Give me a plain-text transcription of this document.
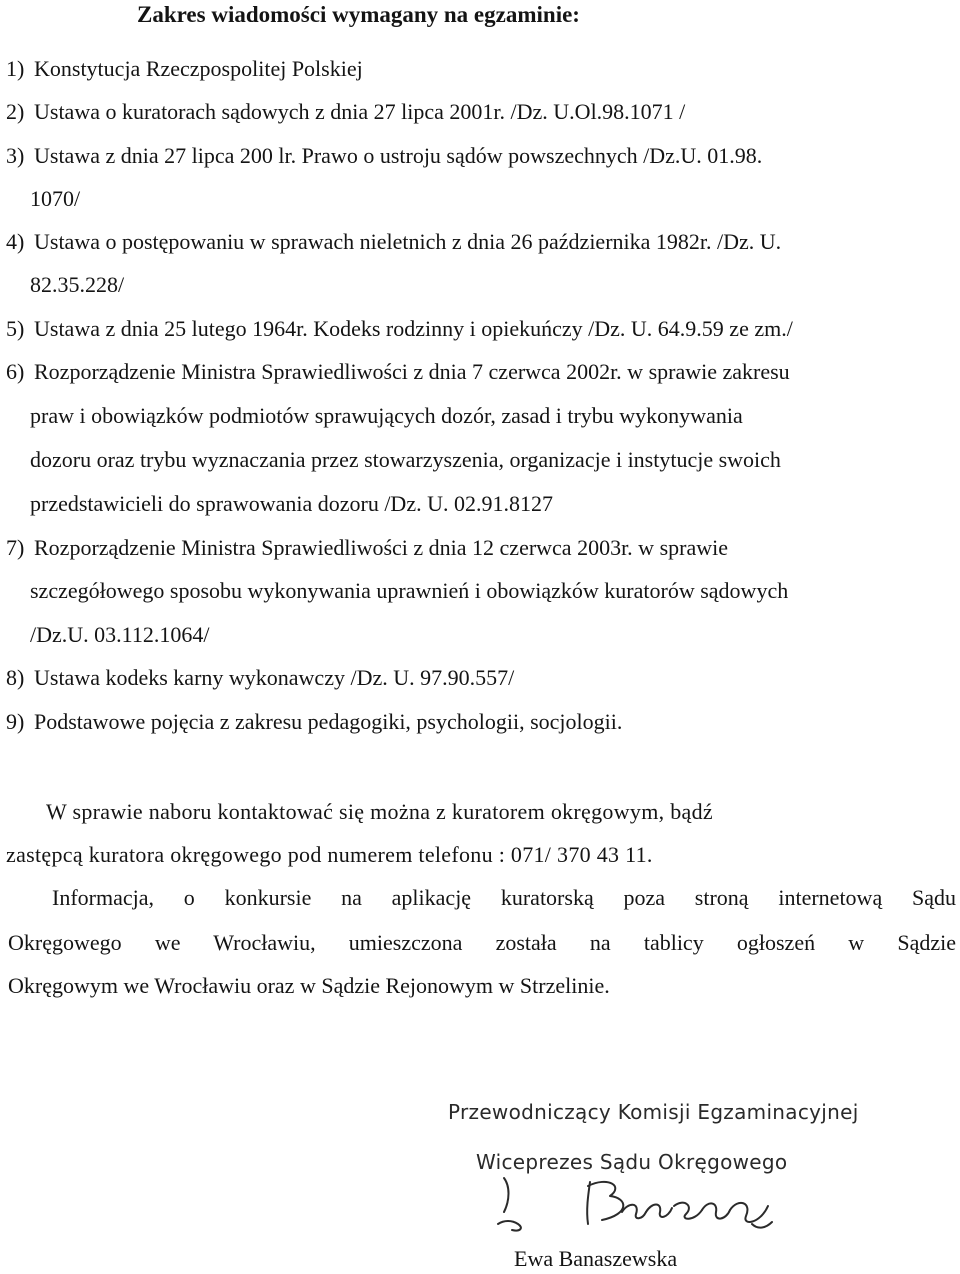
Zakres wiadomości wymagany na egzaminie:
1) Konstytucja Rzeczpospolitej Polskiej
2) Ustawa o kuratorach sądowych z dnia 27 lipca 2001r. /Dz. U.Ol.98.1071 /
3) Ustawa z dnia 27 lipca 200 lr. Prawo o ustroju sądów powszechnych /Dz.U. 01.98.
1070/
4) Ustawa o postępowaniu w sprawach nieletnich z dnia 26 października 1982r. /Dz. U.
82.35.228/
5) Ustawa z dnia 25 lutego 1964r. Kodeks rodzinny i opiekuńczy /Dz. U. 64.9.59 ze zm./
6) Rozporządzenie Ministra Sprawiedliwości z dnia 7 czerwca 2002r. w sprawie zakresu
praw i obowiązków podmiotów sprawujących dozór, zasad i trybu wykonywania
dozoru oraz trybu wyznaczania przez stowarzyszenia, organizacje i instytucje swoich
przedstawicieli do sprawowania dozoru /Dz. U. 02.91.8127
7) Rozporządzenie Ministra Sprawiedliwości z dnia 12 czerwca 2003r. w sprawie
szczegółowego sposobu wykonywania uprawnień i obowiązków kuratorów sądowych
/Dz.U. 03.112.1064/
8) Ustawa kodeks karny wykonawczy /Dz. U. 97.90.557/
9) Podstawowe pojęcia z zakresu pedagogiki, psychologii, socjologii.
W sprawie naboru kontaktować się można z kuratorem okręgowym, bądź
zastępcą kuratora okręgowego pod numerem telefonu : 071/ 370 43 11.
Informacja, o konkursie na aplikację kuratorską poza stroną internetową Sądu
Okręgowego we Wrocławiu, umieszczona została na tablicy ogłoszeń w Sądzie
Okręgowym we Wrocławiu oraz w Sądzie Rejonowym w Strzelinie.
Przewodniczący Komisji Egzaminacyjnej
Wiceprezes Sądu Okręgowego
Ewa Banaszewska
